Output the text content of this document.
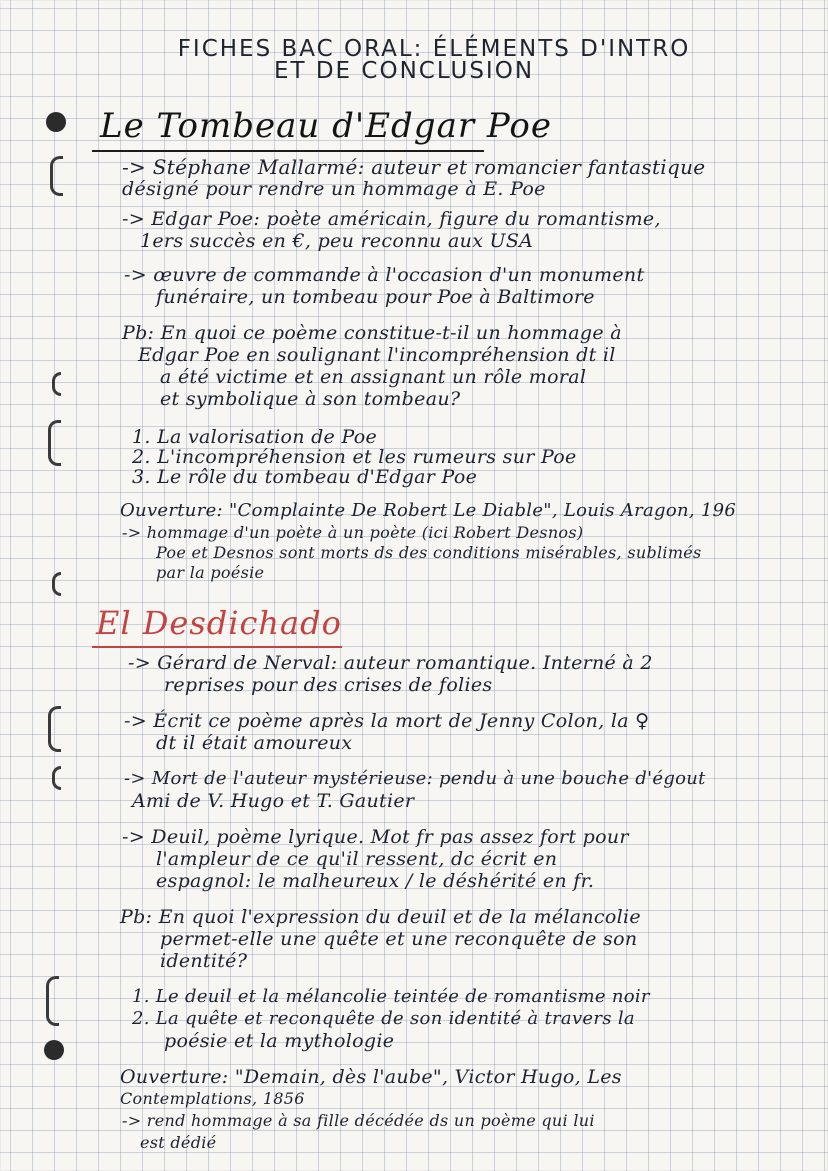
FICHES BAC ORAL: ÉLÉMENTS D'INTRO
ET DE CONCLUSION
Le Tombeau d'Edgar Poe
-> Stéphane Mallarmé: auteur et romancier fantastique
désigné pour rendre un hommage à E. Poe
-> Edgar Poe: poète américain, figure du romantisme,
1ers succès en €, peu reconnu aux USA
-> œuvre de commande à l'occasion d'un monument
funéraire, un tombeau pour Poe à Baltimore
Pb: En quoi ce poème constitue-t-il un hommage à
Edgar Poe en soulignant l'incompréhension dt il
a été victime et en assignant un rôle moral
et symbolique à son tombeau?
1. La valorisation de Poe
2. L'incompréhension et les rumeurs sur Poe
3. Le rôle du tombeau d'Edgar Poe
Ouverture: "Complainte De Robert Le Diable", Louis Aragon, 196
-> hommage d'un poète à un poète (ici Robert Desnos)
Poe et Desnos sont morts ds des conditions misérables, sublimés
par la poésie
El Desdichado
-> Gérard de Nerval: auteur romantique. Interné à 2
reprises pour des crises de folies
-> Écrit ce poème après la mort de Jenny Colon, la ♀
dt il était amoureux
-> Mort de l'auteur mystérieuse: pendu à une bouche d'égout
Ami de V. Hugo et T. Gautier
-> Deuil, poème lyrique. Mot fr pas assez fort pour
l'ampleur de ce qu'il ressent, dc écrit en
espagnol: le malheureux / le déshérité en fr.
Pb: En quoi l'expression du deuil et de la mélancolie
permet-elle une quête et une reconquête de son
identité?
1. Le deuil et la mélancolie teintée de romantisme noir
2. La quête et reconquête de son identité à travers la
poésie et la mythologie
Ouverture: "Demain, dès l'aube", Victor Hugo, Les
Contemplations, 1856
-> rend hommage à sa fille décédée ds un poème qui lui
est dédié
